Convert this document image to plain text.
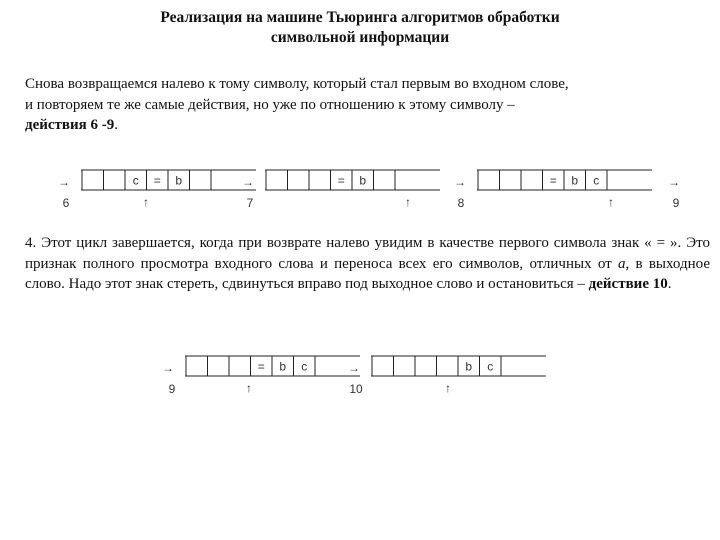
Реализация на машине Тьюринга алгоритмов обработки
символьной информации
Снова возвращаемся налево к тому символу, который стал первым во входном слове,
и повторяем те же самые действия, но уже по отношению к этому символу –
действия 6 -9.
4. Этот цикл завершается, когда при возврате налево увидим в качестве первого символа знак « = ». Это признак полного просмотра входного слова и переноса всех его символов, отличных от a, в выходное слово. Надо этот знак стереть, сдвинуться вправо под выходное слово и остановиться – действие 10.
c = b
→
6	↑
= b
→
7	↑
= b c
→
8	↑
= b c
→
9	↑
b c
→
10	↑
→
9
